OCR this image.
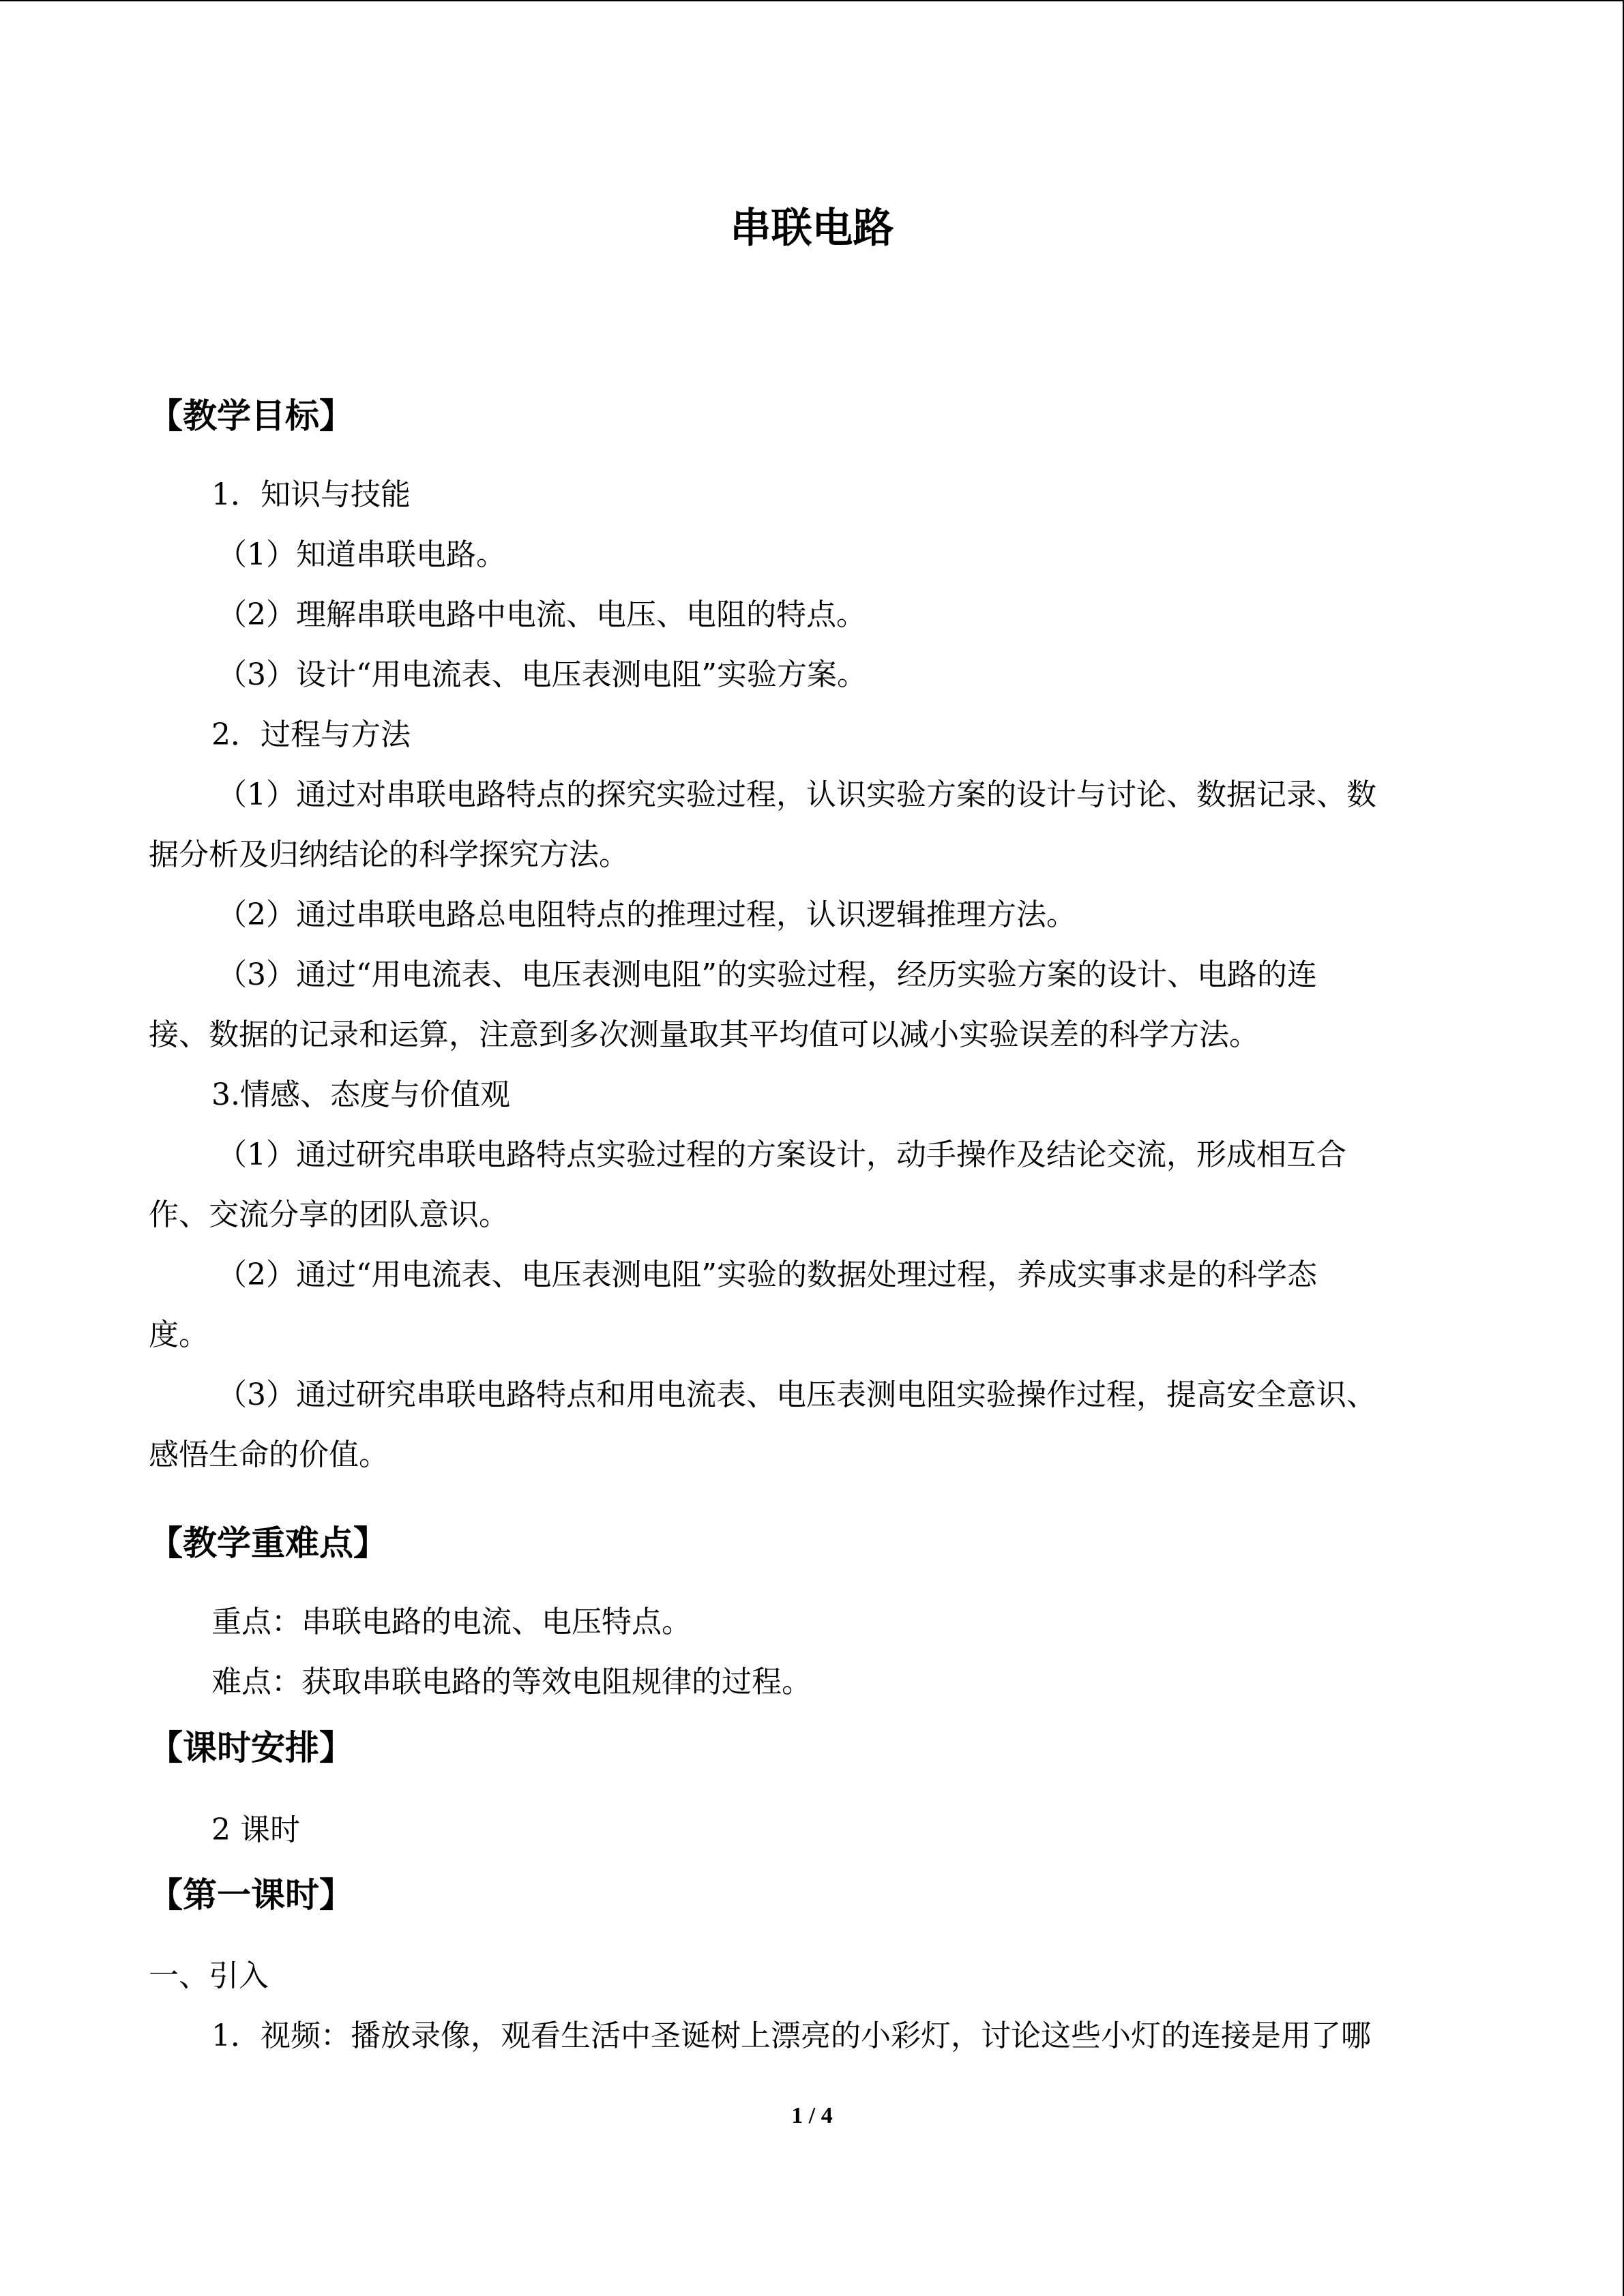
串联电路
【教学目标】
1．知识与技能
（1）知道串联电路。
（2）理解串联电路中电流、电压、电阻的特点。
（3）设计“用电流表、电压表测电阻”实验方案。
2．过程与方法
（1）通过对串联电路特点的探究实验过程，认识实验方案的设计与讨论、数据记录、数
据分析及归纳结论的科学探究方法。
（2）通过串联电路总电阻特点的推理过程，认识逻辑推理方法。
（3）通过“用电流表、电压表测电阻”的实验过程，经历实验方案的设计、电路的连
接、数据的记录和运算，注意到多次测量取其平均值可以减小实验误差的科学方法。
3.情感、态度与价值观
（1）通过研究串联电路特点实验过程的方案设计，动手操作及结论交流，形成相互合
作、交流分享的团队意识。
（2）通过“用电流表、电压表测电阻”实验的数据处理过程，养成实事求是的科学态
度。
（3）通过研究串联电路特点和用电流表、电压表测电阻实验操作过程，提高安全意识、
感悟生命的价值。
【教学重难点】
重点：串联电路的电流、电压特点。
难点：获取串联电路的等效电阻规律的过程。
【课时安排】
2 课时
【第一课时】
一、引入
1．视频：播放录像，观看生活中圣诞树上漂亮的小彩灯，讨论这些小灯的连接是用了哪
1 / 4
